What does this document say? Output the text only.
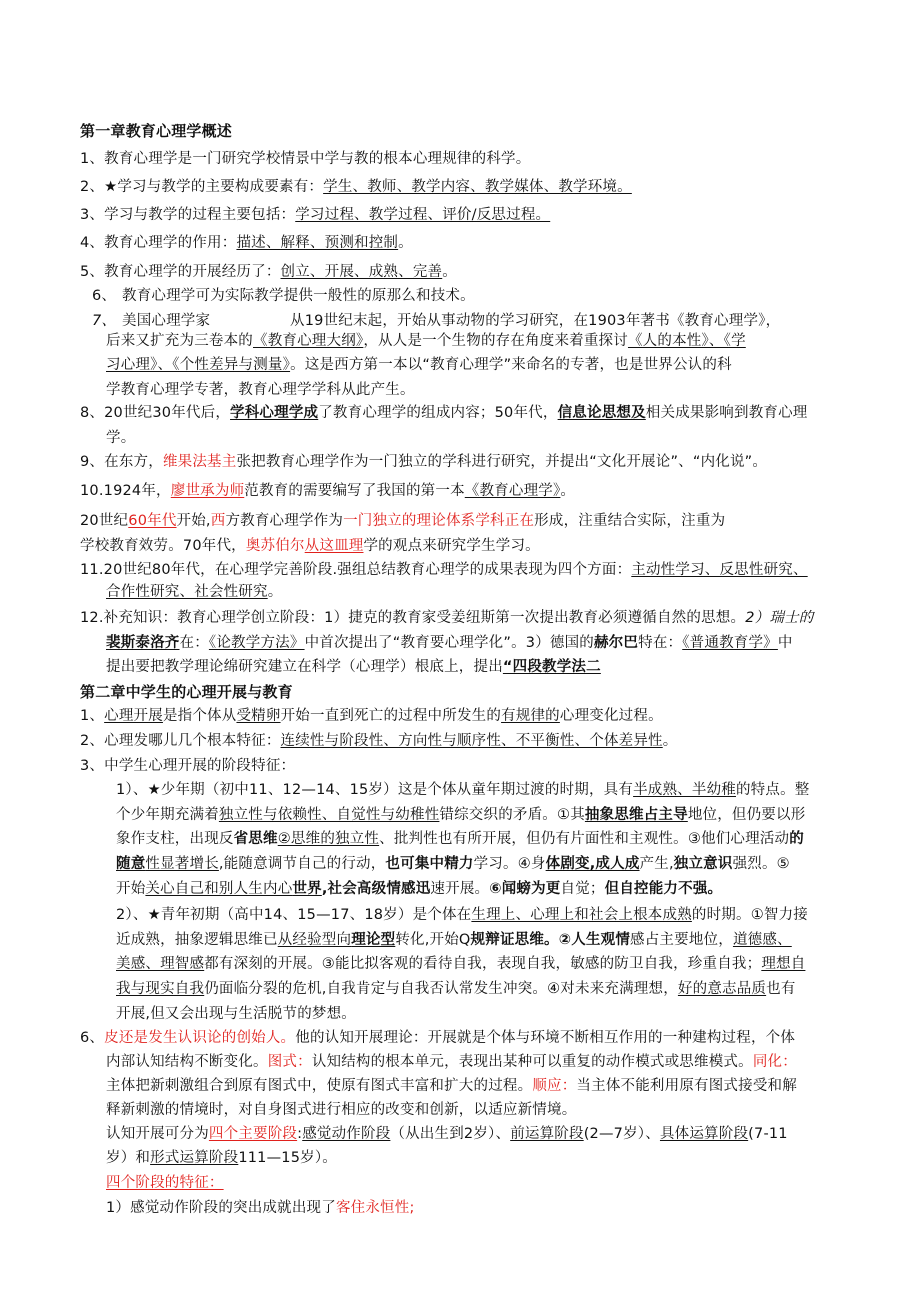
第一章教育心理学概述
1、教育心理学是一门研究学校情景中学与教的根本心理规律的科学。
2、★学习与教学的主要构成要素有：学生、教师、教学内容、教学媒体、教学环境。
3、学习与教学的过程主要包括：学习过程、教学过程、评价/反思过程。
4、教育心理学的作用：描述、解释、预测和控制。
5、教育心理学的开展经历了：创立、开展、成熟、完善。
6、 教育心理学可为实际教学提供一般性的原那么和技术。
7、 美国心理学家	从19世纪末起，开始从事动物的学习研究，在1903年著书《教育心理学》，
后来又扩充为三卷本的《教育心理大纲》，从人是一个生物的存在角度来着重探讨《人的本性》、《学
习心理》、《个性差异与测量》。这是西方第一本以“教育心理学”来命名的专著，也是世界公认的科
学教育心理学专著，教育心理学学科从此产生。
8、20世纪30年代后，学科心理学成了教育心理学的组成内容；50年代，信息论思想及相关成果影响到教育心理
学。
9、在东方，维果法基主张把教育心理学作为一门独立的学科进行研究，并提出“文化开展论”、“内化说”。
10.1924年，廖世承为师范教育的需要编写了我国的第一本《教育心理学》。
20世纪60年代开始,西方教育心理学作为一门独立的理论体系学科正在形成，注重结合实际，注重为
学校教育效劳。70年代，奥苏伯尔从这皿理学的观点来研究学生学习。
11.20世纪80年代，在心理学完善阶段.强组总结教育心理学的成果表现为四个方面：主动性学习、反思性研究、
合作性研究、社会性研究。
12.补充知识：教育心理学创立阶段：1）捷克的教育家受姜纽斯第一次提出教育必须遵循自然的思想。2）瑞士的
裴斯泰洛齐在：《论教学方法》中首次提出了“教育要心理学化”。3）德国的赫尔巴特在：《普通教育学》中
提出要把教学理论绵研究建立在科学（心理学）根底上，提出“四段教学法二
第二章中学生的心理开展与教育
1、心理开展是指个体从受精卵开始一直到死亡的过程中所发生的有规律的心理变化过程。
2、心理发哪儿几个根本特征：连续性与阶段性、方向性与顺序性、不平衡性、个体差异性。
3、中学生心理开展的阶段特征：
1）、★少年期（初中11、12—14、15岁）这是个体从童年期过渡的时期，具有半成熟、半幼稚的特点。整
个少年期充满着独立性与依赖性、自觉性与幼稚性错综交织的矛盾。①其抽象思维占主导地位，但仍要以形
象作支柱，出现反省思维②思维的独立性、批判性也有所开展，但仍有片面性和主观性。③他们心理活动的
随意性显著增长,能随意调节自己的行动，也可集中精力学习。④身体剧变,成人成产生,独立意识强烈。⑤
开始关心自己和别人生内心世界,社会高级情感迅速开展。⑥闻螃为更自觉；但自控能力不强。
2）、★青年初期（高中14、15—17、18岁）是个体在生理上、心理上和社会上根本成熟的时期。①智力接
近成熟，抽象逻辑思维已从经验型向理论型转化,开始Q规辩证思维。②人生观情感占主要地位，道德感、
美感、理智感都有深刻的开展。③能比拟客观的看待自我，表现自我，敏感的防卫自我，珍重自我；理想自
我与现实自我仍面临分裂的危机,自我肯定与自我否认常发生冲突。④对未来充满理想，好的意志品质也有
开展,但又会出现与生活脱节的梦想。
6、皮还是发生认识论的创始人。他的认知开展理论：开展就是个体与环境不断相互作用的一种建构过程，个体
内部认知结构不断变化。图式：认知结构的根本单元，表现出某种可以重复的动作模式或思维模式。同化：
主体把新刺激组合到原有图式中，使原有图式丰富和扩大的过程。顺应：当主体不能利用原有图式接受和解
释新刺激的情境时，对自身图式进行相应的改变和创新，以适应新情境。
认知开展可分为四个主要阶段:感觉动作阶段（从出生到2岁）、前运算阶段(2—7岁）、具体运算阶段(7-11
岁）和形式运算阶段111—15岁）。
四个阶段的特征：
1）感觉动作阶段的突出成就出现了客住永恒性;
